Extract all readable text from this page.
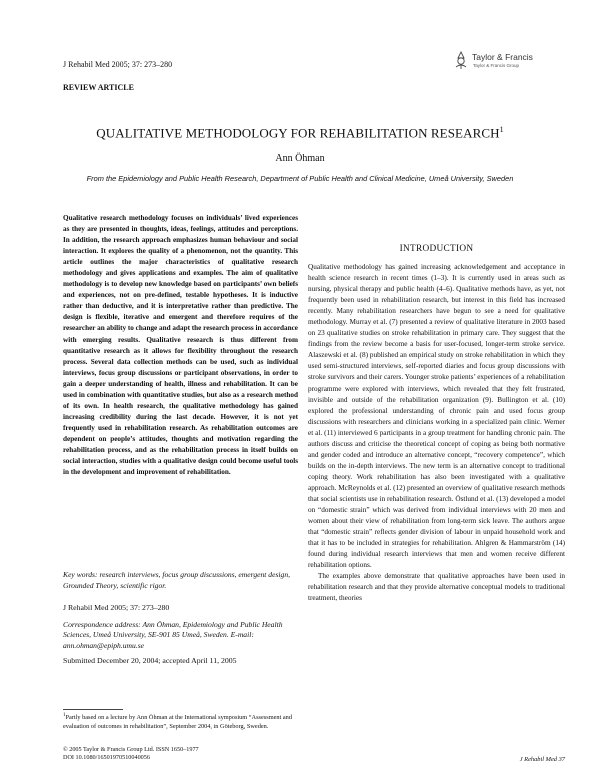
J Rehabil Med 2005; 37: 273–280
REVIEW ARTICLE
Taylor & Francis
Taylor & Francis Group
QUALITATIVE METHODOLOGY FOR REHABILITATION RESEARCH$^1$
Ann Öhman
From the Epidemiology and Public Health Research, Department of Public Health and Clinical Medicine, Umeå University, Sweden
Qualitative research methodology focuses on individuals’ lived experiences as they are presented in thoughts, ideas, feelings, attitudes and perceptions. In addition, the research approach emphasizes human behaviour and social interaction. It explores the quality of a phenomenon, not the quantity. This article outlines the major characteristics of qualitative research methodology and gives applications and examples. The aim of qualitative methodology is to develop new knowledge based on participants’ own beliefs and experiences, not on pre-defined, testable hypotheses. It is inductive rather than deductive, and it is interpretative rather than predictive. The design is flexible, iterative and emergent and therefore requires of the researcher an ability to change and adapt the research process in accordance with emerging results. Qualitative research is thus different from quantitative research as it allows for flexibility throughout the research process. Several data collection methods can be used, such as individual interviews, focus group discussions or participant observations, in order to gain a deeper understanding of health, illness and rehabilitation. It can be used in combination with quantitative studies, but also as a research method of its own. In health research, the qualitative methodology has gained increasing credibility during the last decade. However, it is not yet frequently used in rehabilitation research. As rehabilitation outcomes are dependent on people’s attitudes, thoughts and motivation regarding the rehabilitation process, and as the rehabilitation process in itself builds on social interaction, studies with a qualitative design could become useful tools in the development and improvement of rehabilitation.
Key words: research interviews, focus group discussions, emergent design, Grounded Theory, scientific rigor.
J Rehabil Med 2005; 37: 273–280
Correspondence address: Ann Öhman, Epidemiology and Public Health Sciences, Umeå University, SE-901 85 Umeå, Sweden. E-mail: ann.ohman@epiph.umu.se
Submitted December 20, 2004; accepted April 11, 2005
$^1$Partly based on a lecture by Ann Öhman at the International symposium “Assessment and evaluation of outcomes in rehabilitation”, September 2004, in Göteborg, Sweden.
© 2005 Taylor & Francis Group Ltd. ISSN 1650–1977
DOI 10.1080/16501970510040056
INTRODUCTION

Qualitative methodology has gained increasing acknowledgement and acceptance in health science research in recent times (1–3). It is currently used in areas such as nursing, physical therapy and public health (4–6). Qualitative methods have, as yet, not frequently been used in rehabilitation research, but interest in this field has increased recently. Many rehabilitation researchers have begun to see a need for qualitative methodology. Murray et al. (7) presented a review of qualitative literature in 2003 based on 23 qualitative studies on stroke rehabilitation in primary care. They suggest that the findings from the review become a basis for user-focused, longer-term stroke service. Alaszewski et al. (8) published an empirical study on stroke rehabilitation in which they used semi-structured interviews, self-reported diaries and focus group discussions with stroke survivors and their carers. Younger stroke patients’ experiences of a rehabilitation programme were explored with interviews, which revealed that they felt frustrated, invisible and outside of the rehabilitation organization (9). Bullington et al. (10) explored the professional understanding of chronic pain and used focus group discussions with researchers and clinicians working in a specialized pain clinic. Werner et al. (11) interviewed 6 participants in a group treatment for handling chronic pain. The authors discuss and criticise the theoretical concept of coping as being both normative and gender coded and introduce an alternative concept, “recovery competence”, which builds on the in-depth interviews. The new term is an alternative concept to traditional coping theory. Work rehabilitation has also been investigated with a qualitative approach. McReynolds et al. (12) presented an overview of qualitative research methods that social scientists use in rehabilitation research. Östlund et al. (13) developed a model on “domestic strain” which was derived from individual interviews with 20 men and women about their view of rehabilitation from long-term sick leave. The authors argue that “domestic strain” reflects gender division of labour in unpaid household work and that it has to be included in strategies for rehabilitation. Ahlgren & Hammarström (14) found during individual research interviews that men and women receive different rehabilitation options.

The examples above demonstrate that qualitative approaches have been used in rehabilitation research and that they provide alternative conceptual models to traditional treatment, theories

J Rehabil Med 37
